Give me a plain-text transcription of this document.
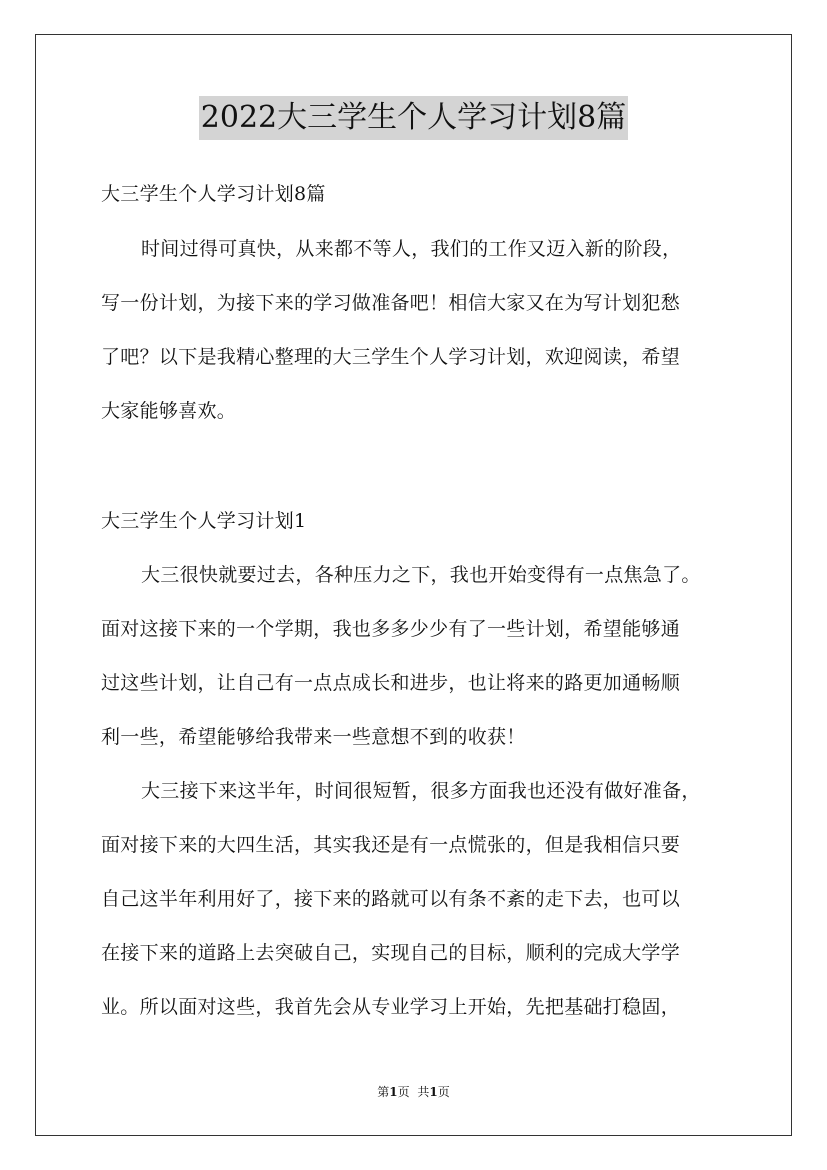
2022大三学生个人学习计划8篇
大三学生个人学习计划8篇
时间过得可真快，从来都不等人，我们的工作又迈入新的阶段，
写一份计划，为接下来的学习做准备吧！相信大家又在为写计划犯愁
了吧？以下是我精心整理的大三学生个人学习计划，欢迎阅读，希望
大家能够喜欢。
大三学生个人学习计划1
大三很快就要过去，各种压力之下，我也开始变得有一点焦急了。
面对这接下来的一个学期，我也多多少少有了一些计划，希望能够通
过这些计划，让自己有一点点成长和进步，也让将来的路更加通畅顺
利一些，希望能够给我带来一些意想不到的收获！
大三接下来这半年，时间很短暂，很多方面我也还没有做好准备，
面对接下来的大四生活，其实我还是有一点慌张的，但是我相信只要
自己这半年利用好了，接下来的路就可以有条不紊的走下去，也可以
在接下来的道路上去突破自己，实现自己的目标，顺利的完成大学学
业。所以面对这些，我首先会从专业学习上开始，先把基础打稳固，
第1页 共1页
